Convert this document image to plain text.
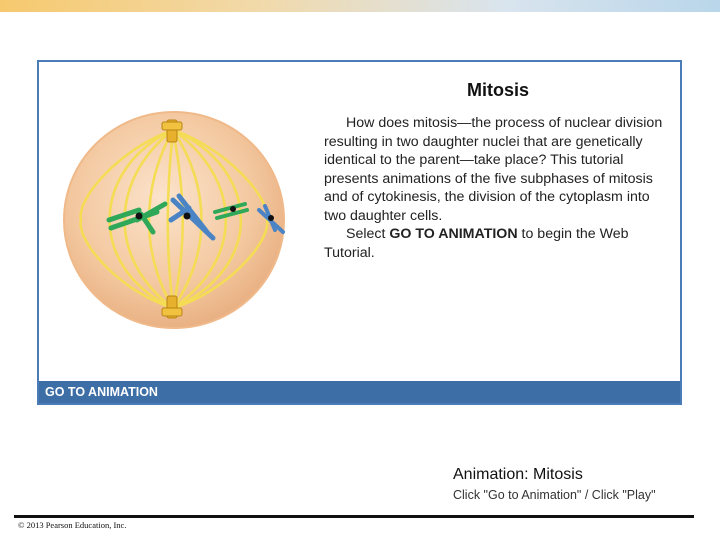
Mitosis

How does mitosis—the process of nuclear division resulting in two daughter nuclei that are genetically identical to the parent—take place? This tutorial presents animations of the five subphases of mitosis and of cytokinesis, the division of the cytoplasm into two daughter cells.

Select GO TO ANIMATION to begin the Web Tutorial.

GO TO ANIMATION
Animation: Mitosis
Click "Go to Animation" / Click "Play"
© 2013 Pearson Education, Inc.
